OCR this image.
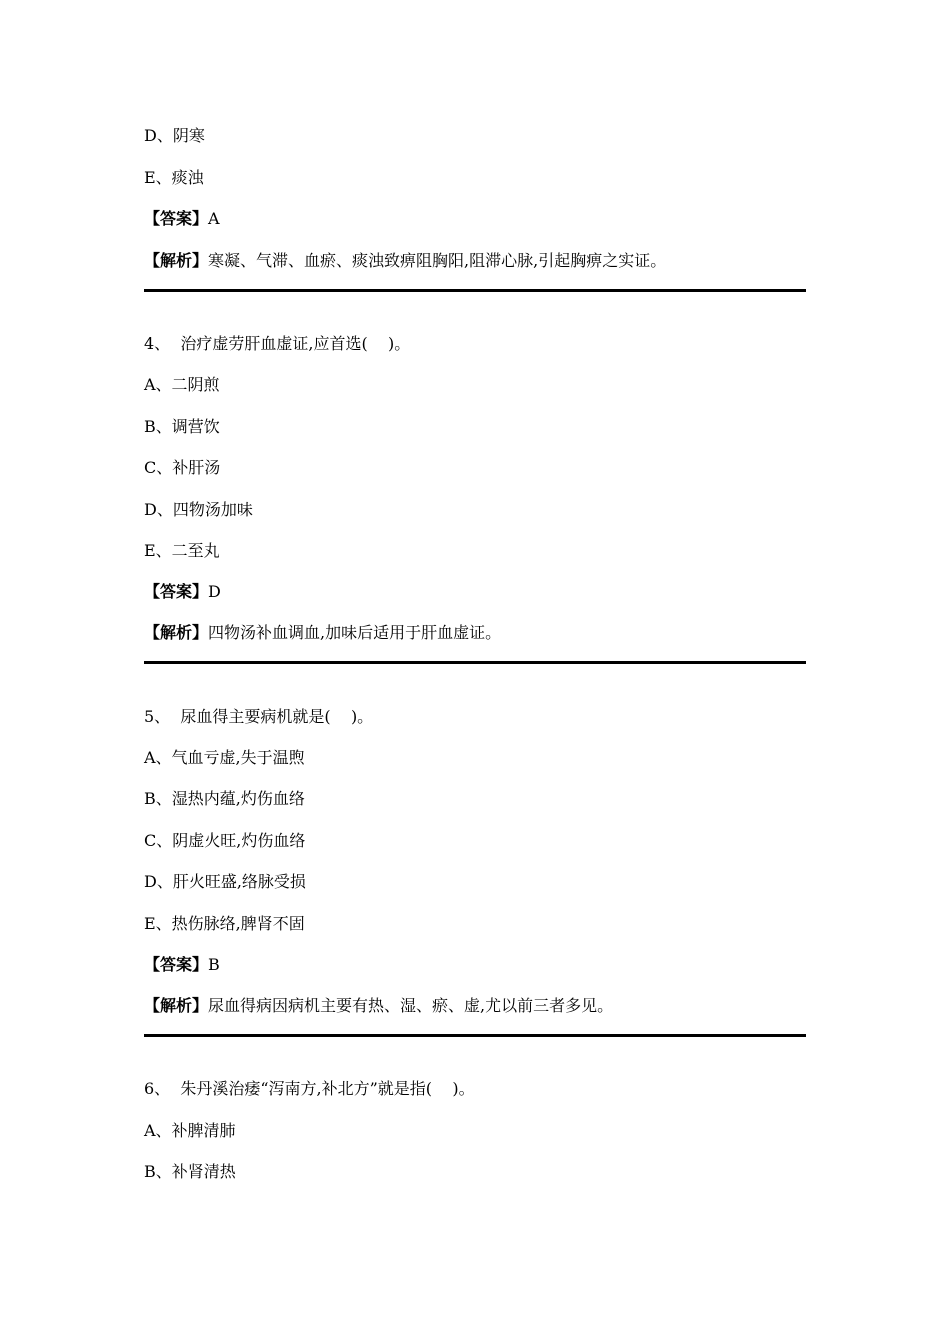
D、阴寒
E、痰浊
【答案】A
【解析】寒凝、气滞、血瘀、痰浊致痹阻胸阳,阻滞心脉,引起胸痹之实证。
4、  治疗虚劳肝血虚证,应首选(    )。
A、二阴煎
B、调营饮
C、补肝汤
D、四物汤加味
E、二至丸
【答案】D
【解析】四物汤补血调血,加味后适用于肝血虚证。
5、  尿血得主要病机就是(    )。
A、气血亏虚,失于温煦
B、湿热内蕴,灼伤血络
C、阴虚火旺,灼伤血络
D、肝火旺盛,络脉受损
E、热伤脉络,脾肾不固
【答案】B
【解析】尿血得病因病机主要有热、湿、瘀、虚,尤以前三者多见。
6、  朱丹溪治痿“泻南方,补北方”就是指(    )。
A、补脾清肺
B、补肾清热
